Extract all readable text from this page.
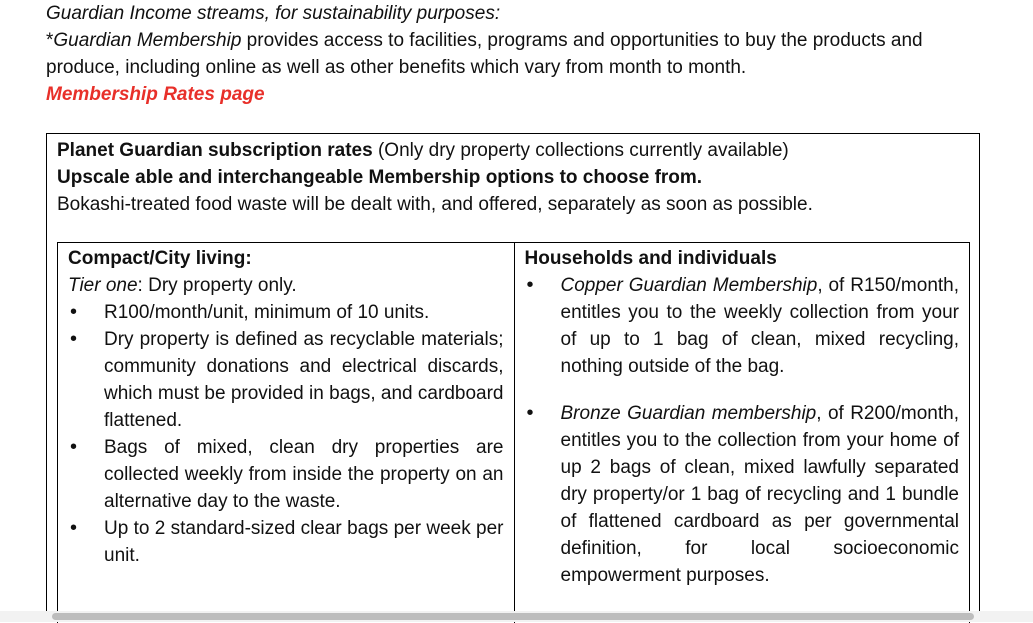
Guardian Income streams, for sustainability purposes:

*Guardian Membership provides access to facilities, programs and opportunities to buy the products and produce, including online as well as other benefits which vary from month to month.

Membership Rates page

Planet Guardian subscription rates (Only dry property collections currently available)

Upscale able and interchangeable Membership options to choose from.

Bokashi-treated food waste will be dealt with, and offered, separately as soon as possible.

Compact/City living:

Tier one: Dry property only.

• R100/month/unit, minimum of 10 units.
• Dry property is defined as recyclable materials; community donations and electrical discards, which must be provided in bags, and cardboard flattened.
• Bags of mixed, clean dry properties are collected weekly from inside the property on an alternative day to the waste.
• Up to 2 standard-sized clear bags per week per unit.

Households and individuals

• Copper Guardian Membership, of R150/month, entitles you to the weekly collection from your of up to 1 bag of clean, mixed recycling, nothing outside of the bag.
• Bronze Guardian membership, of R200/month, entitles you to the collection from your home of up 2 bags of clean, mixed lawfully separated dry property/or 1 bag of recycling and 1 bundle of flattened cardboard as per governmental definition, for local socioeconomic empowerment purposes.
